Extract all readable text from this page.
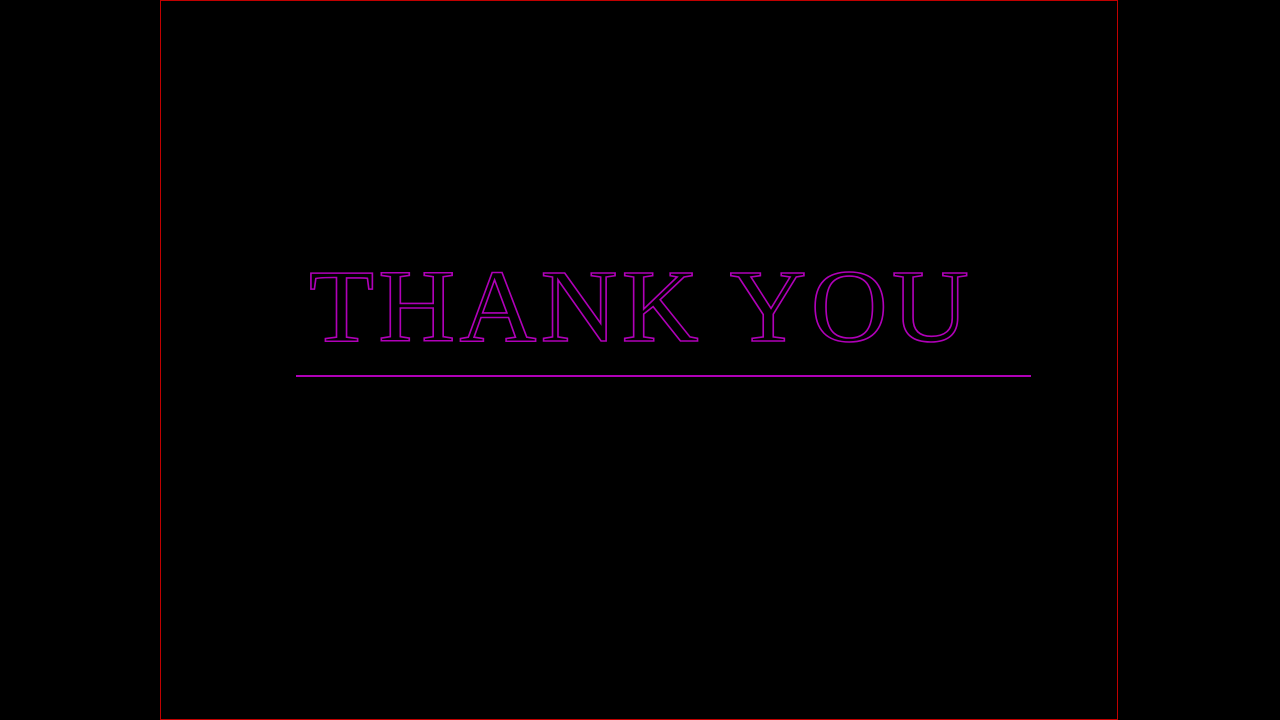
THANK YOU
